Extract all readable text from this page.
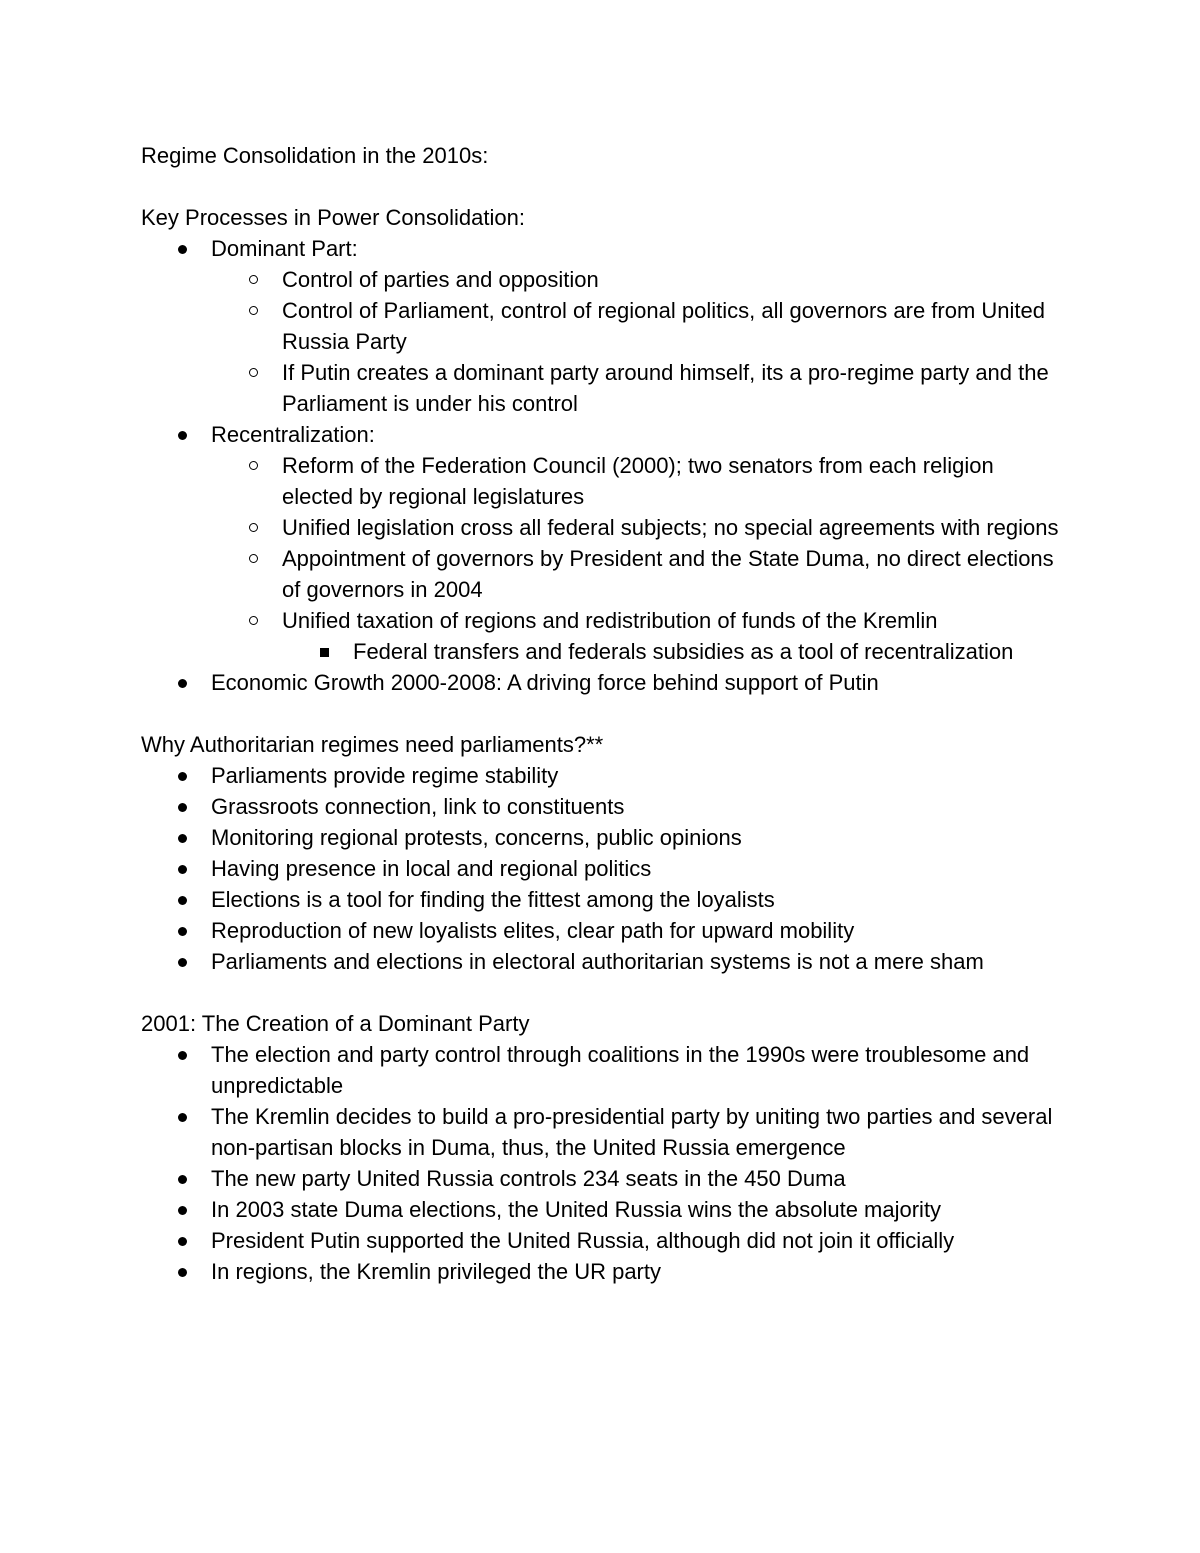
Regime Consolidation in the 2010s:

Key Processes in Power Consolidation:

Dominant Part:
Control of parties and opposition
Control of Parliament, control of regional politics, all governors are from United Russia Party
If Putin creates a dominant party around himself, its a pro-regime party and the Parliament is under his control
Recentralization:
Reform of the Federation Council (2000); two senators from each religion elected by regional legislatures
Unified legislation cross all federal subjects; no special agreements with regions
Appointment of governors by President and the State Duma, no direct elections of governors in 2004
Unified taxation of regions and redistribution of funds of the Kremlin
Federal transfers and federals subsidies as a tool of recentralization
Economic Growth 2000-2008: A driving force behind support of Putin

Why Authoritarian regimes need parliaments?**

Parliaments provide regime stability
Grassroots connection, link to constituents
Monitoring regional protests, concerns, public opinions
Having presence in local and regional politics
Elections is a tool for finding the fittest among the loyalists
Reproduction of new loyalists elites, clear path for upward mobility
Parliaments and elections in electoral authoritarian systems is not a mere sham

2001: The Creation of a Dominant Party

The election and party control through coalitions in the 1990s were troublesome and unpredictable
The Kremlin decides to build a pro-presidential party by uniting two parties and several non-partisan blocks in Duma, thus, the United Russia emergence
The new party United Russia controls 234 seats in the 450 Duma
In 2003 state Duma elections, the United Russia wins the absolute majority
President Putin supported the United Russia, although did not join it officially
In regions, the Kremlin privileged the UR party
